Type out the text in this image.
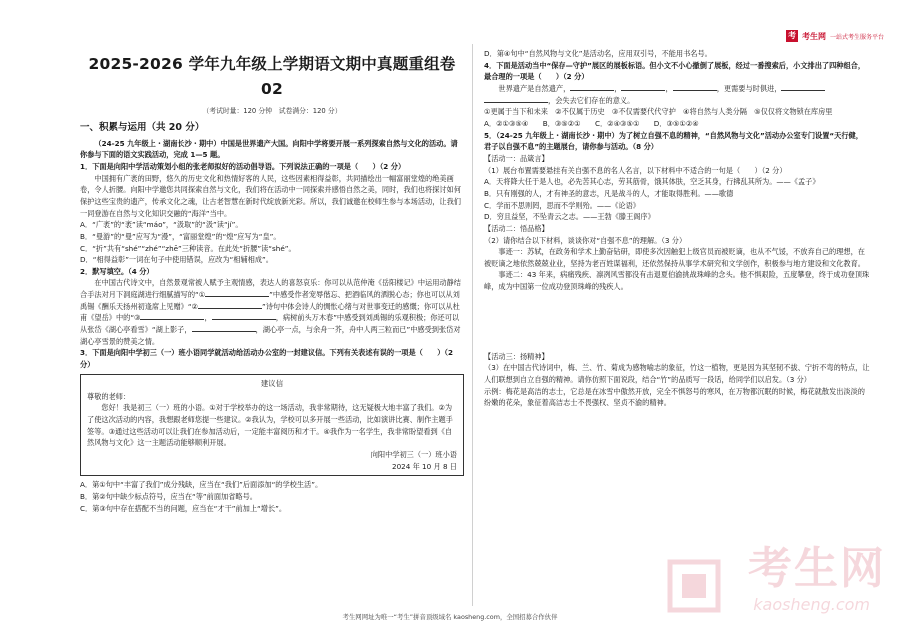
考 考生网 一站式考生服务平台
2025-2026 学年九年级上学期语文期中真题重组卷 02
（考试时量：120 分钟　试卷满分：120 分）
一、积累与运用（共 20 分）
（24-25 九年级上・湖南长沙・期中）中国是世界遗产大国。向阳中学将要开展一系列探索自然与文化的活动。请你参与下面的语文实践活动，完成 1—5 题。
1．下面是向阳中学活动策划小组的张老师拟好的活动倡导语。下列说法正确的一项是（　　）（2 分）
中国拥有广袤的田野，悠久的历史文化和热情好客的人民，这些因素相得益彰，共同描绘出一幅富丽堂煌的绝美画卷，令人折腰。向阳中学邀您共同探索自然与文化，我们将在活动中一同探索并感悟自然之美，同时，我们也将探讨如何保护这些宝贵的遗产，传承文化之魂，让古老智慧在新时代绽放新光彩。所以，我们诚邀在校师生参与本场活动，让我们一同登游在自然与文化知识交融的“海洋”当中。
A．“广袤”的“袤”读“máo”，“汲取”的“汲”读“jí”。
B．“曼游”的“曼”应写为“漫”，“富丽堂煌”的“煌”应写为“皇”。
C．“折”共有“shé”“zhé”“zhē”三种读音。在此处“折腰”读“shé”。
D．“相得益彰”一词在句子中使用错误，应改为“相辅相成”。
2．默写填空。（4 分）
在中国古代诗文中，自然景观常被人赋予主观情感，表达人的喜怒哀乐：你可以从范仲淹《岳阳楼记》中运用动静结合手法对月下洞庭湖进行细腻描写的“①	”中感受作者宠辱偕忘、把酒临风的洒脱心态；你也可以从刘禹锡《酬乐天扬州初逢席上见赠》“②	”诗句中体会诗人的惆怅心绪与对世事变迁的感慨；你可以从杜甫《望岳》中的“③	，	，病树前头万木春”中感受到刘禹锡的乐观积极；你还可以从张岱《湖心亭看雪》“湖上影子，	，湖心亭一点，与余舟一芥，舟中人两三粒而已”中感受到张岱对湖心亭雪景的赞美之情。
3．下面是向阳中学初三（一）班小语同学就活动给活动办公室的一封建议信。下列有关表述有误的一项是（　　）（2 分）
建议信
尊敬的老师：
您好！我是初三（一）班的小语。①对于学校举办的这一场活动，我非常期待，这无疑极大地丰富了我们。②为了使这次活动的内容，我想跟老师您提一些建议。②我认为，学校可以多开展一些活动，比如演讲比赛、制作主题手签等。③通过这些活动可以让我们在参加活动后，一定能丰富阅历和才干。④我作为一名学生，我非常盼望看到《自然风物与文化》这一主题活动能够顺利开展。
向阳中学初三（一）班小语
2024 年 10 月 8 日
A．第①句中“丰富了我们”成分残缺，应当在“我们”后面添加“的学校生活”。
B．第②句中缺少标点符号，应当在“等”前面加省略号。
C．第③句中存在搭配不当的问题，应当在“才干”前加上“增长”。
D．第④句中“自然风物与文化”是活动名，应用双引号，不能用书名号。
4．下面是活动当中“保存—守护”展区的展板标语。但小文不小心撤倒了展板，经过一番搜索后，小文排出了四种组合，最合理的一项是（　　）（2 分）
世界遗产是自然遗产，	，	，	，更需要与时俱进，
，会失去它们存在的意义。
①更属于当下和未来　②不仅属于历史　③不仅需要代代守护　④将自然与人类分隔　⑤仅仅将文物锁在库房里
A．②①③⑤④　　B．③⑤②①　　C．②④③⑤①　　D．③⑤①②④
5．（24-25 九年级上・湖南长沙・期中）为了树立自强不息的精神，“自然风物与文化”活动办公室专门设置“天行健，君子以自强不息”的主题展台，请你参与活动。（8 分）
【活动一：品箴言】
（1）展台布置需要悬挂有关自强不息的名人名言，以下材料中不适合的一句是（　　）（2 分）
A．天将降大任于是人也，必先苦其心志，劳其筋骨，饿其体肤，空乏其身，行拂乱其所为。——《孟子》
B．只有刚强的人，才有神圣的意志，凡是战斗的人，才能取得胜利。——歌德
C．学而不思则罔，思而不学则殆。——《论语》
D．穷且益坚，不坠青云之志。——王勃《滕王阁序》
【活动二：悟品格】
（2）请你结合以下材料，谈谈你对“自强不息”的理解。（3 分）
事迹一：苏轼，在政务和学术上勤奋钻研，即使多次因触犯上级官员而被贬谪，也从不气馁，不放弃自己的理想，在被贬谪之地依然兢兢业业，坚持为老百姓谋福利，还依然保持从事学术研究和文学创作，积极参与地方建设和文化教育。
事迹二：43 年来，病痛残疾、凛冽风雪都没有击退夏伯渝挑战珠峰的念头。他不惧艰险，五度攀登，终于成功登顶珠峰，成为中国第一位成功登顶珠峰的残疾人。
【活动三：扬精神】
（3）在中国古代诗词中，梅、兰、竹、菊成为感物喻志的象征，竹这一植物，更是因为其坚韧不拔、宁折不弯的特点，让人们联想到自立自强的精神。请你仿照下面说段，结合“竹”的品质写一段话，给同学们以启发。（3 分）
示例：梅花是高洁的志士，它总是在冰雪中傲然开放，完全不惧怒号的寒风，在万物都沉眠的时候，梅花就散发出淡淡的纷嫩的花朵，象征着高洁志士不畏强权、坚贞不渝的精神。
考生网
kaosheng.com
考生网网址为唯一“考生”拼音顶级域名 kaosheng.com，全国招募合作伙伴
